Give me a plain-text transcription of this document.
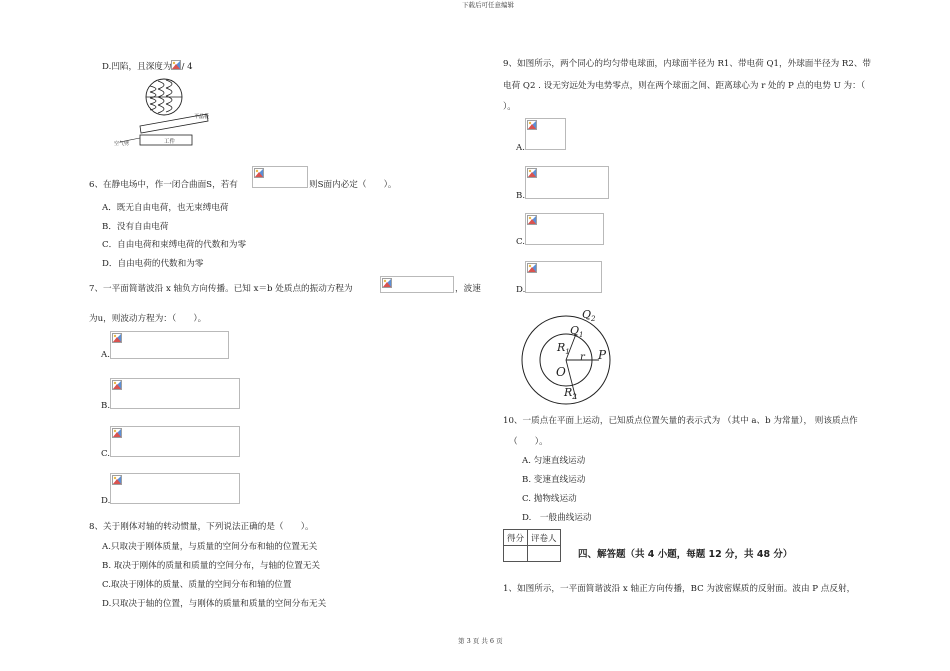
下载后可任意编辑
第 3 页 共 6 页
D.凹陷，且深度为 / 4
平晶板
工件
空气劈
6、在静电场中，作一闭合曲面S，若有	则S面内必定（　　）。
A．既无自由电荷，也无束缚电荷
B．没有自由电荷
C．自由电荷和束缚电荷的代数和为零
D．自由电荷的代数和为零
7、一平面简谐波沿 x 轴负方向传播。已知 x＝b 处质点的振动方程为	，波速
为u，则波动方程为：（　　）。
A.
B.
C.
D.
8、关于刚体对轴的转动惯量，下列说法正确的是（　　）。
A.只取决于刚体质量，与质量的空间分布和轴的位置无关
B. 取决于刚体的质量和质量的空间分布，与轴的位置无关
C.取决于刚体的质量、质量的空间分布和轴的位置
D.只取决于轴的位置，与刚体的质量和质量的空间分布无关
9、如图所示，两个同心的均匀带电球面，内球面半径为 R1、带电荷 Q1，外球面半径为 R2、带
电荷 Q2 . 设无穷远处为电势零点，则在两个球面之间、距离球心为 r 处的 P 点的电势 U 为：（
）。
A.
B.
C.
D.
$Q_2$
$Q_1$
$R_1$ r P
O
$R_2$
10、一质点在平面上运动，已知质点位置矢量的表示式为 （其中 a、b 为常量）， 则该质点作
（　　）。
A. 匀速直线运动
B. 变速直线运动
C. 抛物线运动
D.　一般曲线运动
得分	评卷人

四、解答题（共 4 小题，每题 12 分，共 48 分）
1、如图所示，一平面简谐波沿 x 轴正方向传播，BC 为波密媒质的反射面。波由 P 点反射，
